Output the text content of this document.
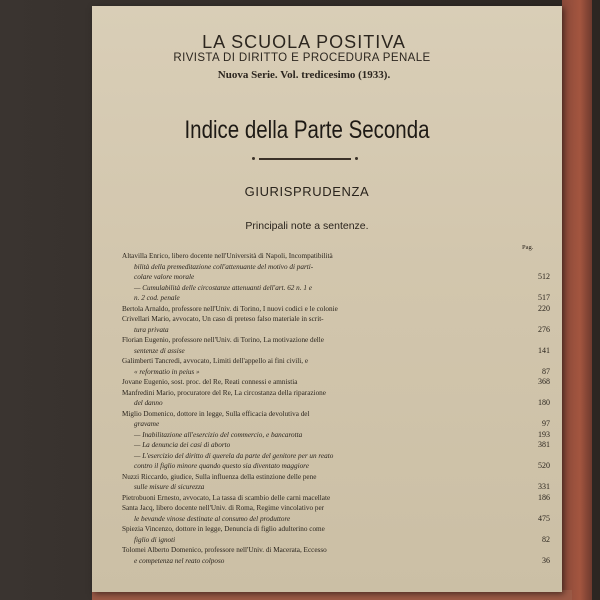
LA SCUOLA POSITIVA
RIVISTA DI DIRITTO E PROCEDURA PENALE
Nuova Serie. Vol. tredicesimo (1933).
Indice della Parte Seconda
GIURISPRUDENZA
Principali note a sentenze.
Pag.
Altavilla Enrico, libero docente nell'Università di Napoli, Incompatibilità
bilità della premeditazione coll'attenuante del motivo di parti-
colare valore morale	512
— Cumulabilità delle circostanze attenuanti dell'art. 62 n. 1 e
n. 2 cod. penale	517
Bertola Arnaldo, professore nell'Univ. di Torino, I nuovi codici e le colonie	220
Crivellari Mario, avvocato, Un caso di preteso falso materiale in scrit-
tura privata	276
Florian Eugenio, professore nell'Univ. di Torino, La motivazione delle
sentenze di assise	141
Galimberti Tancredi, avvocato, Limiti dell'appello ai fini civili, e
« reformatio in peius »	87
Jovane Eugenio, sost. proc. del Re, Reati connessi e amnistia	368
Manfredini Mario, procuratore del Re, La circostanza della riparazione
del danno	180
Miglio Domenico, dottore in legge, Sulla efficacia devolutiva del
gravame	97
— Inabilitazione all'esercizio del commercio, e bancarotta	193
— La denuncia dei casi di aborto	381
— L'esercizio del diritto di querela da parte del genitore per un reato
contro il figlio minore quando questo sia diventato maggiore	520
Nuzzi Riccardo, giudice, Sulla influenza della estinzione delle pene
sulle misure di sicurezza	331
Pietrobuoni Ernesto, avvocato, La tassa di scambio delle carni macellate	186
Santa Jacq, libero docente nell'Univ. di Roma, Regime vincolativo per
le bevande vinose destinate al consumo del produttore	475
Spiezia Vincenzo, dottore in legge, Denuncia di figlio adulterino come
figlio di ignoti	82
Tolomei Alberto Domenico, professore nell'Univ. di Macerata, Eccesso
e competenza nel reato colposo	36
